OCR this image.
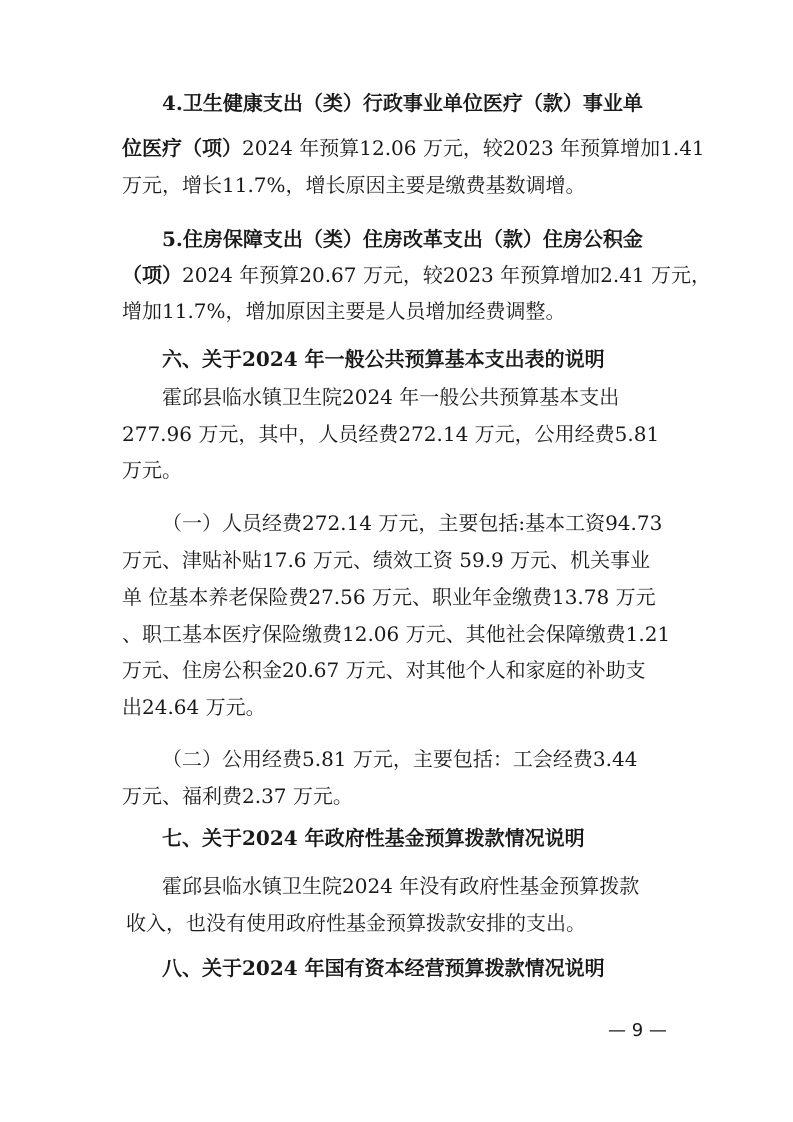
4.卫生健康支出（类）行政事业单位医疗（款）事业单
位医疗（项） 2024 年预算12.06 万元，较2023 年预算增加1.41
万元，增长11.7%，增长原因主要是缴费基数调增。
5.住房保障支出（类）住房改革支出（款）住房公积金
（项） 2024 年预算20.67 万元，较2023 年预算增加2.41 万元，
增加11.7%，增加原因主要是人员增加经费调整。
六、关于2024 年一般公共预算基本支出表的说明
霍邱县临水镇卫生院2024 年一般公共预算基本支出
277.96 万元，其中，人员经费272.14 万元，公用经费5.81
万元。
（一）人员经费272.14 万元，主要包括:基本工资94.73
万元、津贴补贴17.6 万元、绩效工资 59.9 万元、机关事业
单 位基本养老保险费27.56 万元、职业年金缴费13.78 万元
、职工基本医疗保险缴费12.06 万元、其他社会保障缴费1.21
万元、住房公积金20.67 万元、对其他个人和家庭的补助支
出24.64 万元。
（二）公用经费5.81 万元，主要包括：工会经费3.44
万元、福利费2.37 万元。
七、关于2024 年政府性基金预算拨款情况说明
霍邱县临水镇卫生院2024 年没有政府性基金预算拨款
收入，也没有使用政府性基金预算拨款安排的支出。
八、关于2024 年国有资本经营预算拨款情况说明
— 9 —
